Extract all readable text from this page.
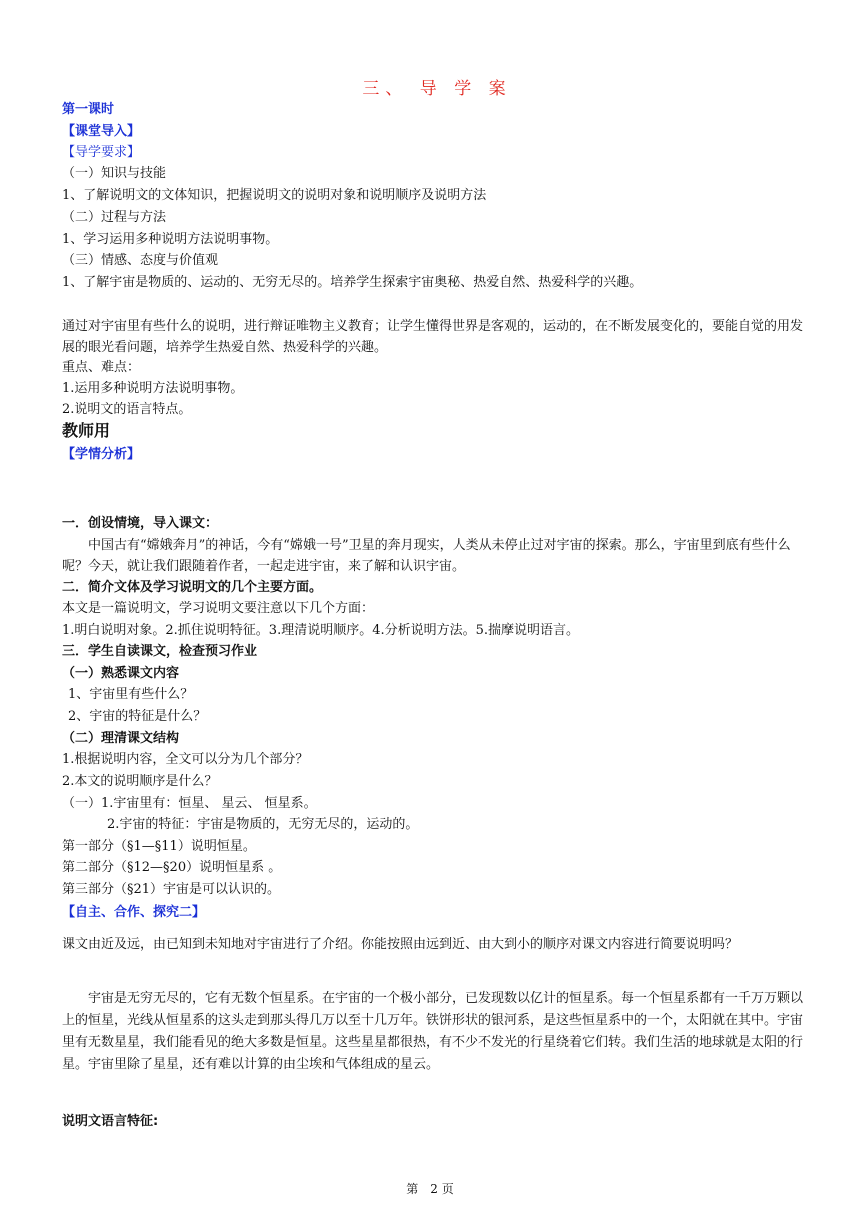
三、 导 学 案
第一课时
【课堂导入】
【导学要求】
（一）知识与技能
1、了解说明文的文体知识，把握说明文的说明对象和说明顺序及说明方法
（二）过程与方法
1、学习运用多种说明方法说明事物。
（三）情感、态度与价值观
1、了解宇宙是物质的、运动的、无穷无尽的。培养学生探索宇宙奥秘、热爱自然、热爱科学的兴趣。
通过对宇宙里有些什么的说明，进行辩证唯物主义教育；让学生懂得世界是客观的，运动的，在不断发展变化的，要能自觉的用发展的眼光看问题，培养学生热爱自然、热爱科学的兴趣。
重点、难点：
1.运用多种说明方法说明事物。
2.说明文的语言特点。
教师用
【学情分析】
一．创设情境，导入课文：
中国古有“嫦娥奔月”的神话，今有“嫦娥一号”卫星的奔月现实，人类从未停止过对宇宙的探索。那么，宇宙里到底有些什么呢？今天，就让我们跟随着作者，一起走进宇宙，来了解和认识宇宙。
二．简介文体及学习说明文的几个主要方面。
本文是一篇说明文，学习说明文要注意以下几个方面：
1.明白说明对象。2.抓住说明特征。3.理清说明顺序。4.分析说明方法。5.揣摩说明语言。
三．学生自读课文，检查预习作业
（一）熟悉课文内容
1、宇宙里有些什么？
2、宇宙的特征是什么？
（二）理清课文结构
1.根据说明内容，全文可以分为几个部分？
2.本文的说明顺序是什么？
（一）1.宇宙里有：恒星、 星云、 恒星系。
2.宇宙的特征：宇宙是物质的，无穷无尽的，运动的。
第一部分（§1—§11）说明恒星。
第二部分（§12—§20）说明恒星系 。
第三部分（§21）宇宙是可以认识的。
【自主、合作、探究二】
课文由近及远，由已知到未知地对宇宙进行了介绍。你能按照由远到近、由大到小的顺序对课文内容进行简要说明吗？
宇宙是无穷无尽的，它有无数个恒星系。在宇宙的一个极小部分，已发现数以亿计的恒星系。每一个恒星系都有一千万万颗以上的恒星，光线从恒星系的这头走到那头得几万以至十几万年。铁饼形状的银河系，是这些恒星系中的一个，太阳就在其中。宇宙里有无数星星，我们能看见的绝大多数是恒星。这些星星都很热，有不少不发光的行星绕着它们转。我们生活的地球就是太阳的行星。宇宙里除了星星，还有难以计算的由尘埃和气体组成的星云。
说明文语言特征:
第　2 页
